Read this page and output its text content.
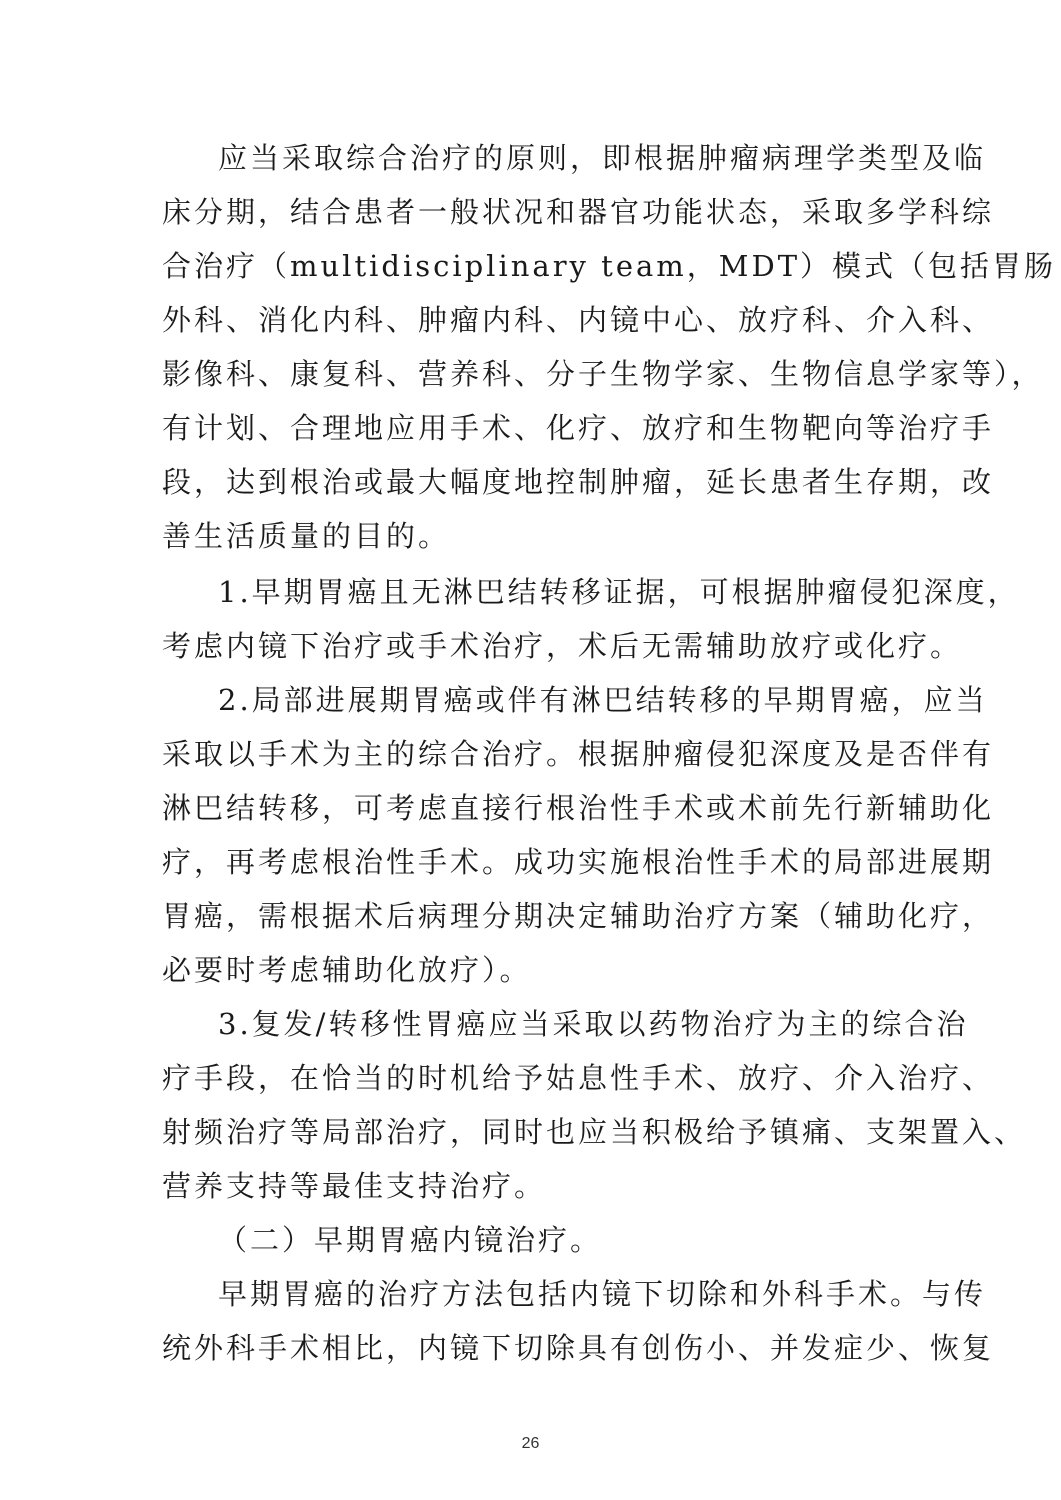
应当采取综合治疗的原则，即根据肿瘤病理学类型及临
床分期，结合患者一般状况和器官功能状态，采取多学科综
合治疗（multidisciplinary team，MDT）模式（包括胃肠
外科、消化内科、肿瘤内科、内镜中心、放疗科、介入科、
影像科、康复科、营养科、分子生物学家、生物信息学家等），
有计划、合理地应用手术、化疗、放疗和生物靶向等治疗手
段，达到根治或最大幅度地控制肿瘤，延长患者生存期，改
善生活质量的目的。
1.早期胃癌且无淋巴结转移证据，可根据肿瘤侵犯深度，
考虑内镜下治疗或手术治疗，术后无需辅助放疗或化疗。
2.局部进展期胃癌或伴有淋巴结转移的早期胃癌，应当
采取以手术为主的综合治疗。根据肿瘤侵犯深度及是否伴有
淋巴结转移，可考虑直接行根治性手术或术前先行新辅助化
疗，再考虑根治性手术。成功实施根治性手术的局部进展期
胃癌，需根据术后病理分期决定辅助治疗方案（辅助化疗，
必要时考虑辅助化放疗）。
3.复发/转移性胃癌应当采取以药物治疗为主的综合治
疗手段，在恰当的时机给予姑息性手术、放疗、介入治疗、
射频治疗等局部治疗，同时也应当积极给予镇痛、支架置入、
营养支持等最佳支持治疗。
（二）早期胃癌内镜治疗。
早期胃癌的治疗方法包括内镜下切除和外科手术。与传
统外科手术相比，内镜下切除具有创伤小、并发症少、恢复
26
